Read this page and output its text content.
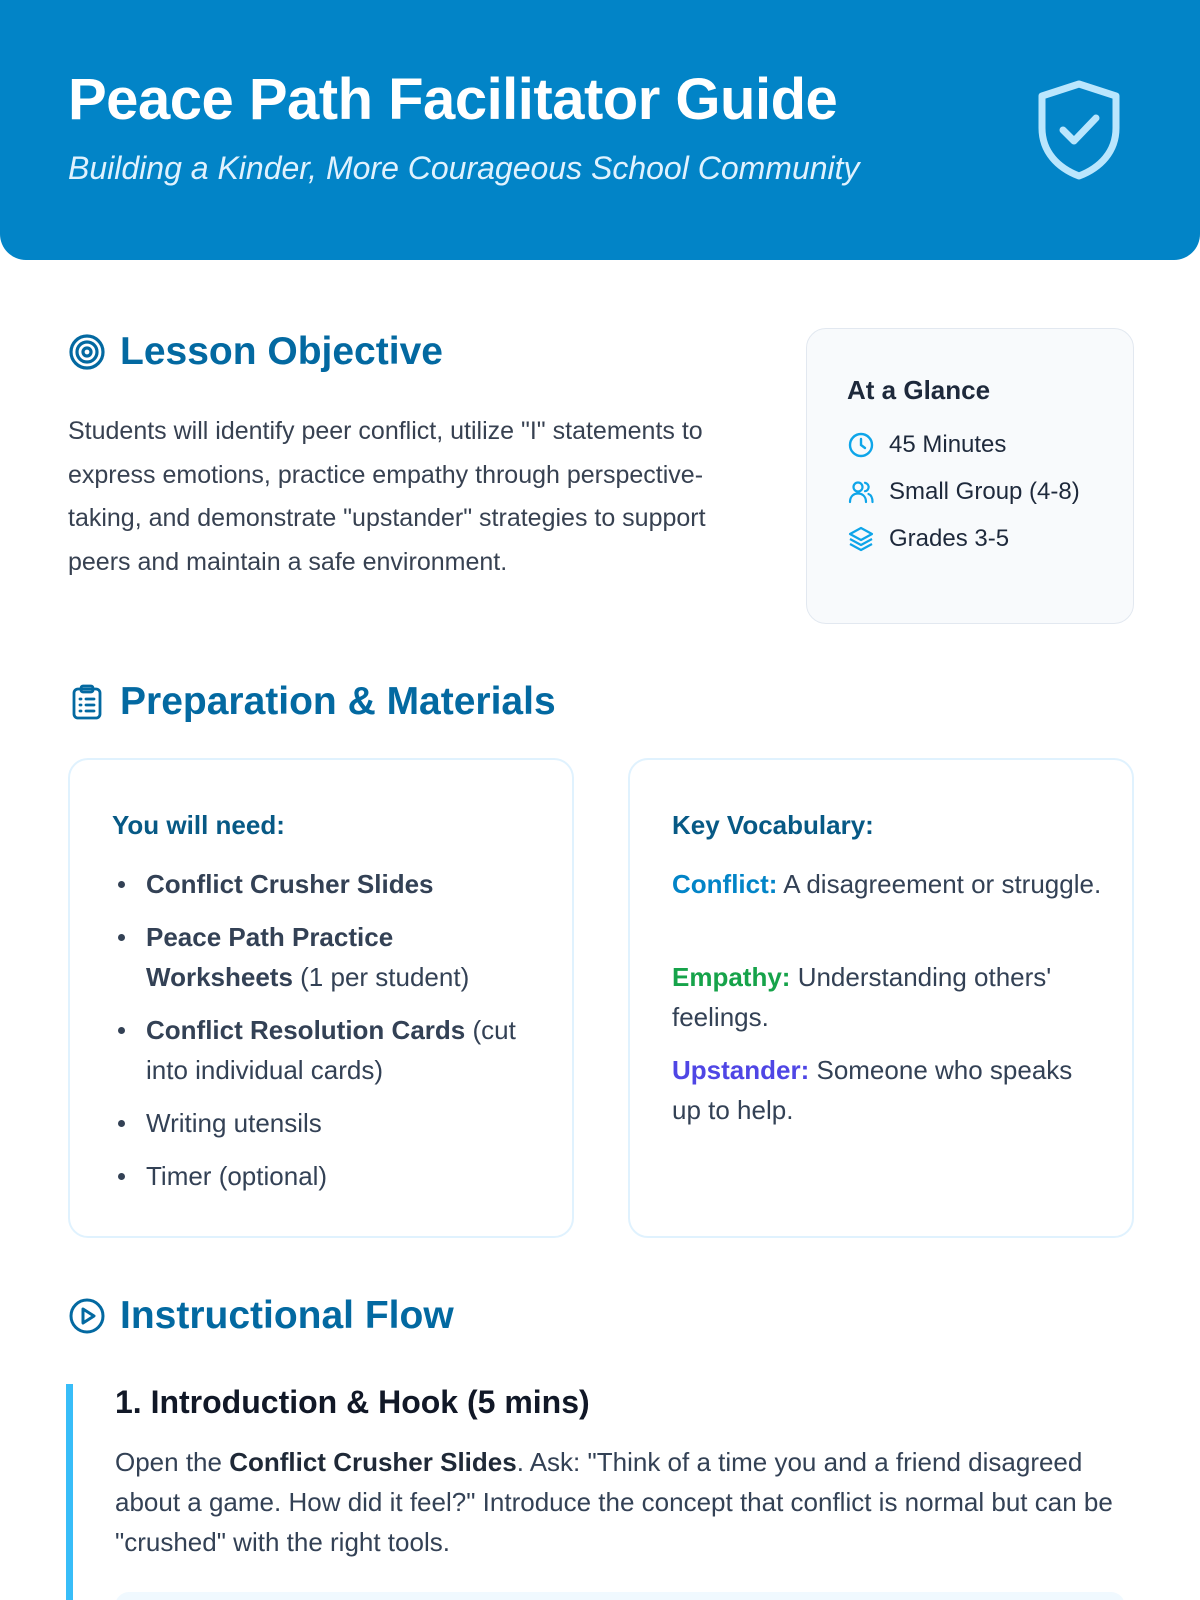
Peace Path Facilitator Guide
Building a Kinder, More Courageous School Community
Lesson Objective

Students will identify peer conflict, utilize "I" statements to express emotions, practice empathy through perspective-taking, and demonstrate "upstander" strategies to support peers and maintain a safe environment.

At a Glance
45 Minutes
Small Group (4-8)
Grades 3-5
Preparation & Materials
You will need:
Conflict Crusher Slides
Peace Path Practice Worksheets (1 per student)
Conflict Resolution Cards (cut into individual cards)
Writing utensils
Timer (optional)
Key Vocabulary:
Conflict: A disagreement or struggle.
Empathy: Understanding others' feelings.
Upstander: Someone who speaks up to help.
Instructional Flow
1. Introduction & Hook (5 mins)

Open the Conflict Crusher Slides. Ask: "Think of a time you and a friend disagreed about a game. How did it feel?" Introduce the concept that conflict is normal but can be "crushed" with the right tools.
